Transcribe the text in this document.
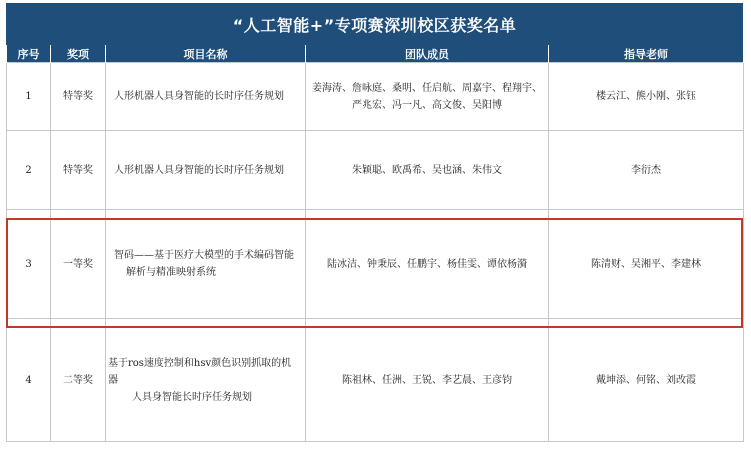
“人工智能+”专项赛深圳校区获奖名单
序号	奖项	项目名称	团队成员	指导老师
1	特等奖	人形机器人具身智能的长时序任务规划	姜海涛、詹咏庭、桑明、任启航、周嘉宇、程翔宇、
严兆宏、冯一凡、高文俊、吴阳博	楼云江、熊小刚、张钰
2	特等奖	人形机器人具身智能的长时序任务规划	朱颖聪、欧禹希、吴也涵、朱伟文	李衍杰
3	一等奖	智码——基于医疗大模型的手术编码智能
解析与精准映射系统	陆冰洁、钟秉辰、任鹏宇、杨佳雯、谭依杨漪	陈清财、吴湘平、李建林
4	二等奖	基于ros速度控制和hsv颜色识别抓取的机器
人具身智能长时序任务规划	陈祖林、任洲、王锐、李艺晨、王彦钧	戴坤添、何铭、刘改霞
